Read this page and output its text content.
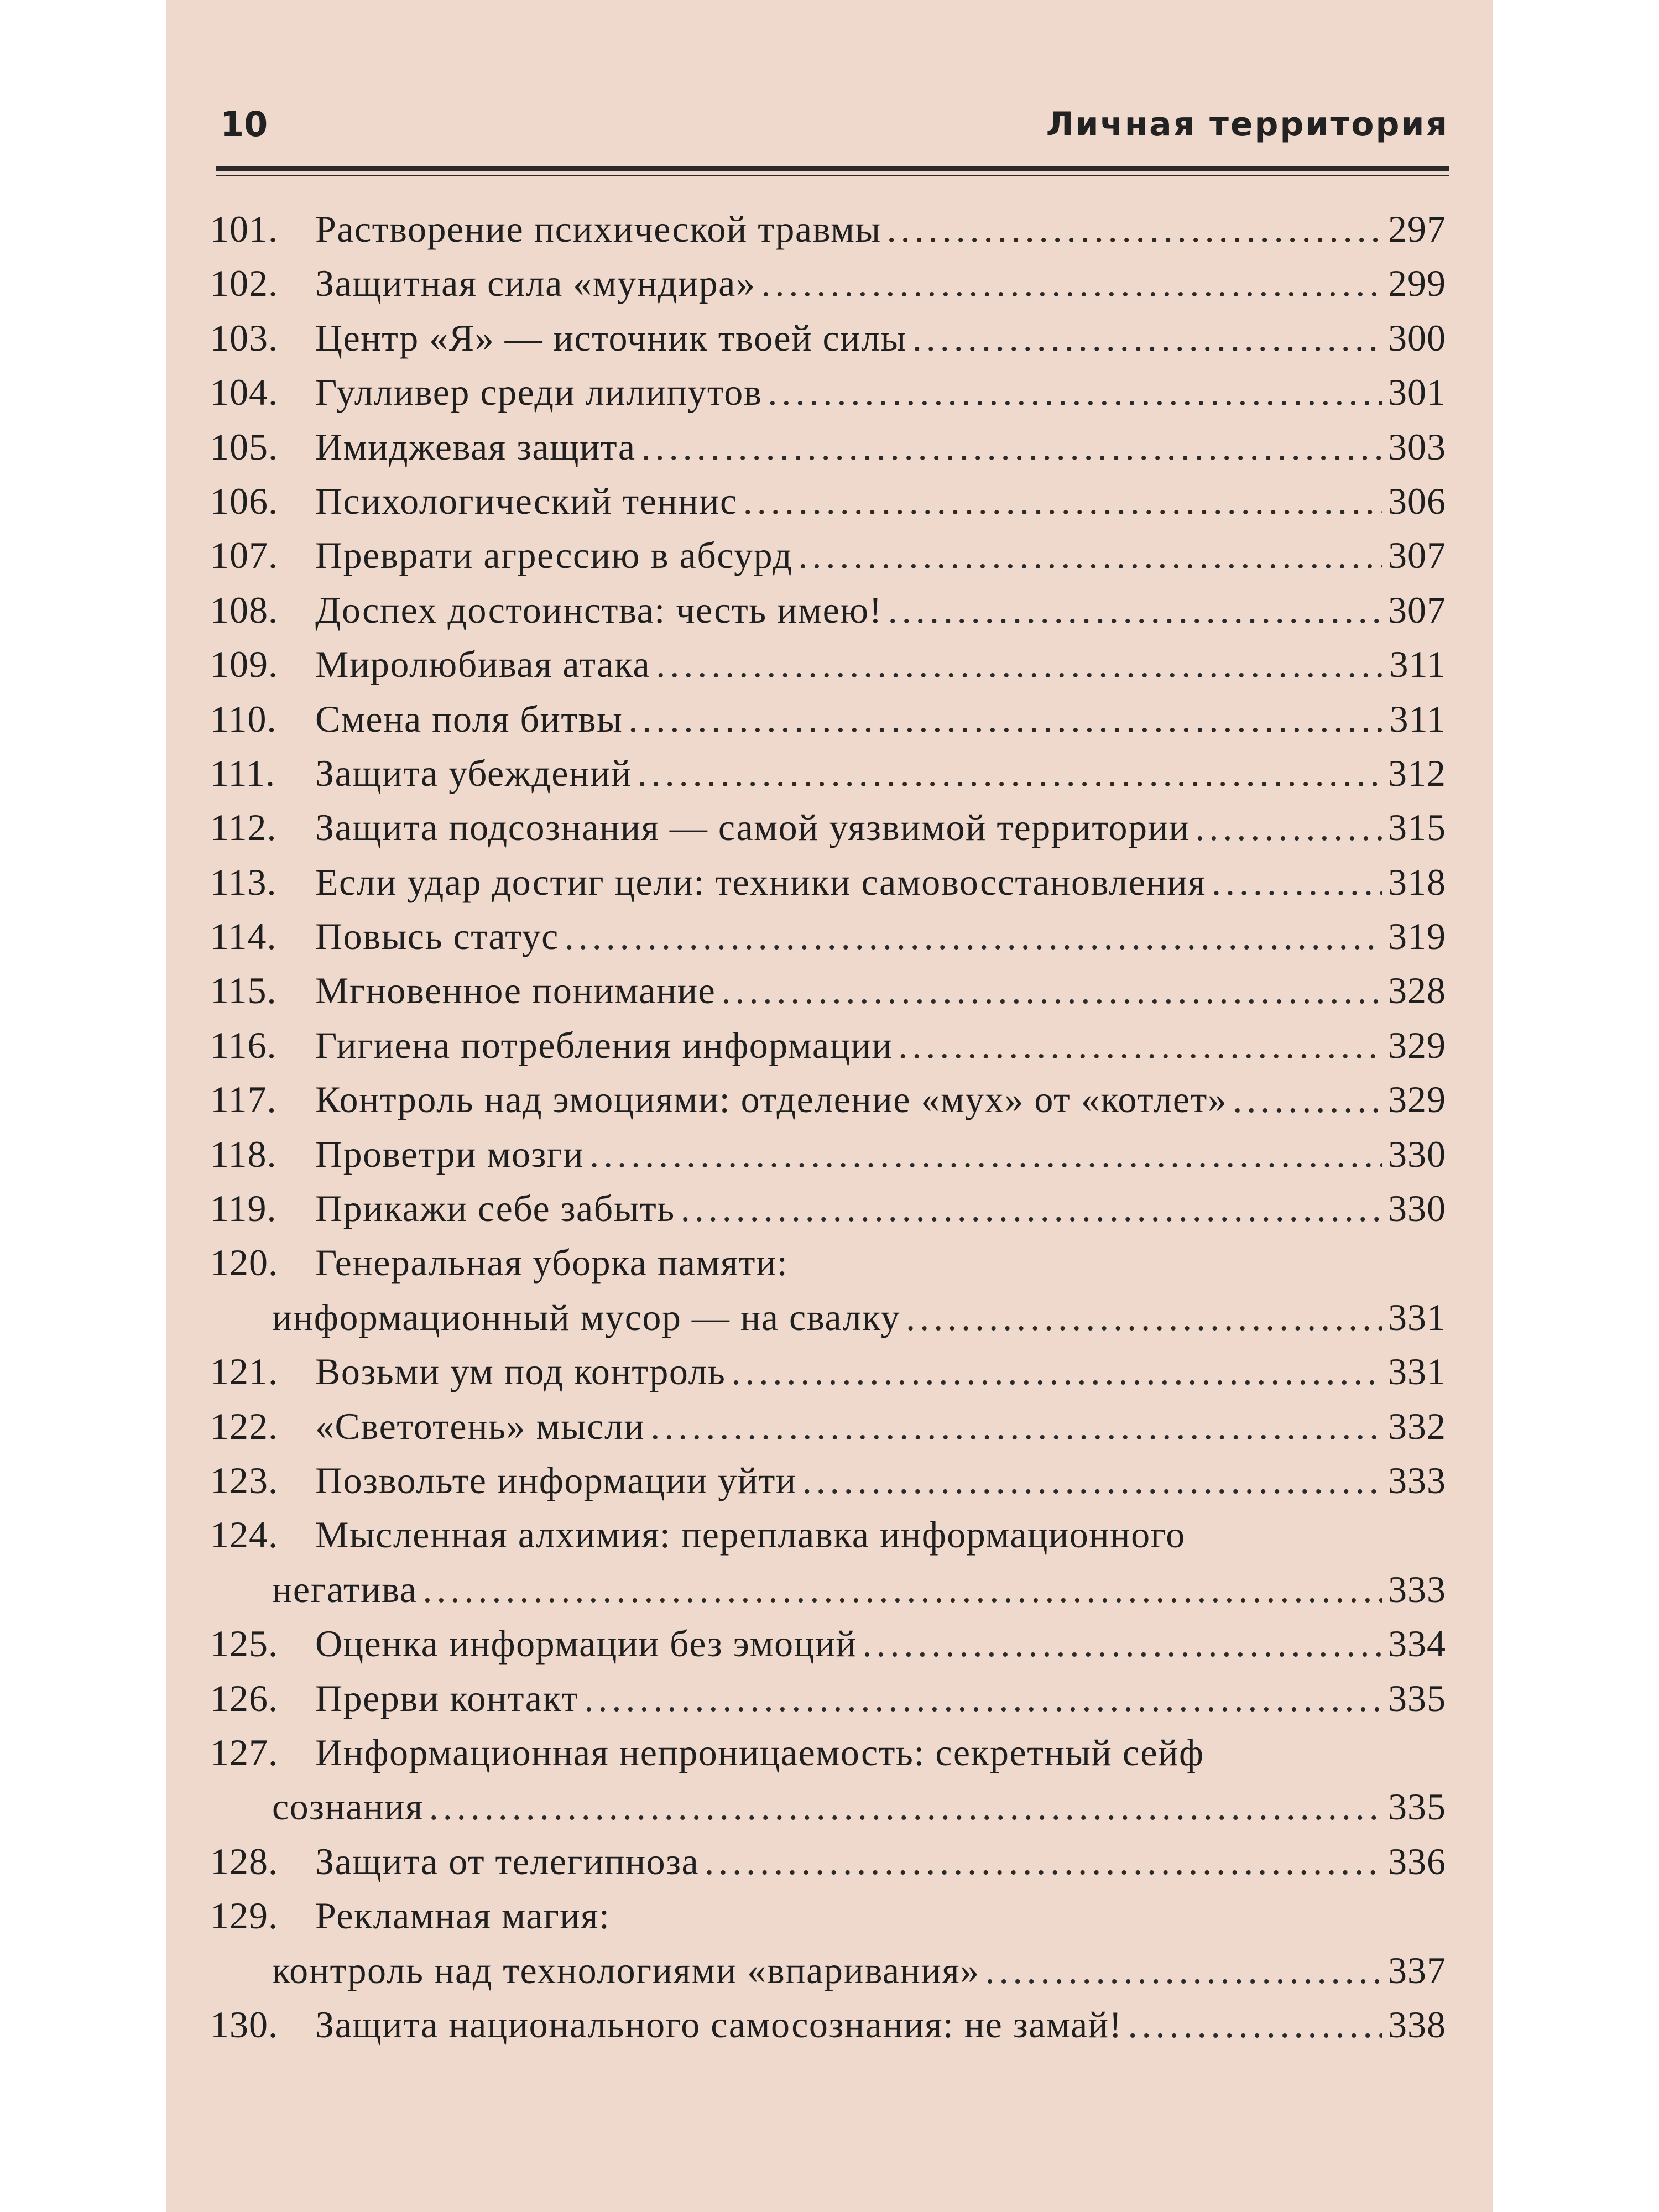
10	Личная территория
101. Растворение психической травмы .....	297
102. Защитная сила «мундира» .....	299
103. Центр «Я» — источник твоей силы .....	300
104. Гулливер среди лилипутов .....	301
105. Имиджевая защита .....	303
106. Психологический теннис .....	306
107. Преврати агрессию в абсурд .....	307
108. Доспех достоинства: честь имею! .....	307
109. Миролюбивая атака .....	311
110.	Смена поля битвы .....	311
111.	Защита убеждений .....	312
112.	Защита подсознания — самой уязвимой территории .....	315
113.	Если удар достиг цели: техники самовосстановления .....	318
114.	Повысь статус .....	319
115.	Мгновенное понимание .....	328
116.	Гигиена потребления информации .....	329
117.	Контроль над эмоциями: отделение «мух» от «котлет» .....	329
118.	Проветри мозги .....	330
119.	Прикажи себе забыть .....	330
120. Генеральная уборка памяти:
информационный мусор — на свалку .....	331
121. Возьми ум под контроль .....	331
122. «Светотень» мысли .....	332
123. Позвольте информации уйти .....	333
124. Мысленная алхимия: переплавка информационного
негатива .....	333
125. Оценка информации без эмоций .....	334
126. Прерви контакт .....	335
127. Информационная непроницаемость: секретный сейф
сознания .....	335
128. Защита от телегипноза .....	336
129. Рекламная магия:
контроль над технологиями «впаривания» .....	337
130. Защита национального самосознания: не замай! .....	338
